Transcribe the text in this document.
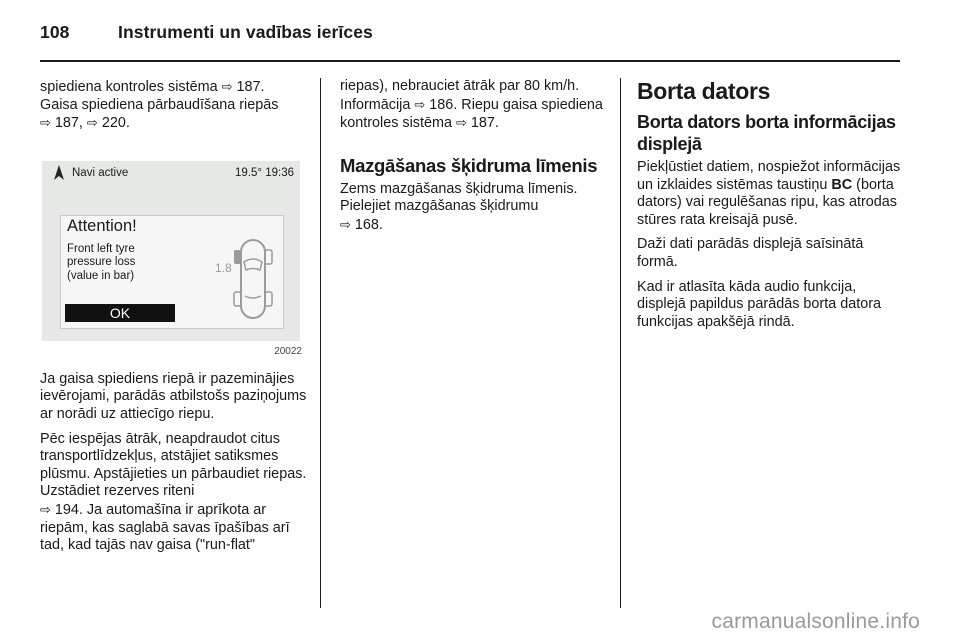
108	Instrumenti un vadības ierīces

spiediena kontroles sistēma ⇨ 187.
Gaisa spiediena pārbaudīšana riepās
⇨ 187, ⇨ 220.

Navi active	19.5° 19:36
Attention!
Front left tyre
pressure loss
(value in bar)
OK
1.8
20022

Ja gaisa spiediens riepā ir pazeminājies ievērojami, parādās atbilstošs paziņojums ar norādi uz attiecīgo riepu.

Pēc iespējas ātrāk, neapdraudot citus transportlīdzekļus, atstājiet satiksmes plūsmu. Apstājieties un pārbaudiet riepas. Uzstādiet rezerves riteni
⇨ 194. Ja automašīna ir aprīkota ar riepām, kas saglabā savas īpašības arī tad, kad tajās nav gaisa ("run-flat"

riepas), nebrauciet ātrāk par 80 km/h. Informācija ⇨ 186. Riepu gaisa spiediena kontroles sistēma ⇨ 187.

Mazgāšanas šķidruma līmenis

Zems mazgāšanas šķidruma līmenis. Pielejiet mazgāšanas šķidrumu
⇨ 168.

Borta dators
Borta dators borta informācijas displejā

Piekļūstiet datiem, nospiežot informācijas un izklaides sistēmas taustiņu BC (borta dators) vai regulēšanas ripu, kas atrodas stūres rata kreisajā pusē.

Daži dati parādās displejā saīsinātā formā.

Kad ir atlasīta kāda audio funkcija, displejā papildus parādās borta datora funkcijas apakšējā rindā.

carmanualsonline.info
